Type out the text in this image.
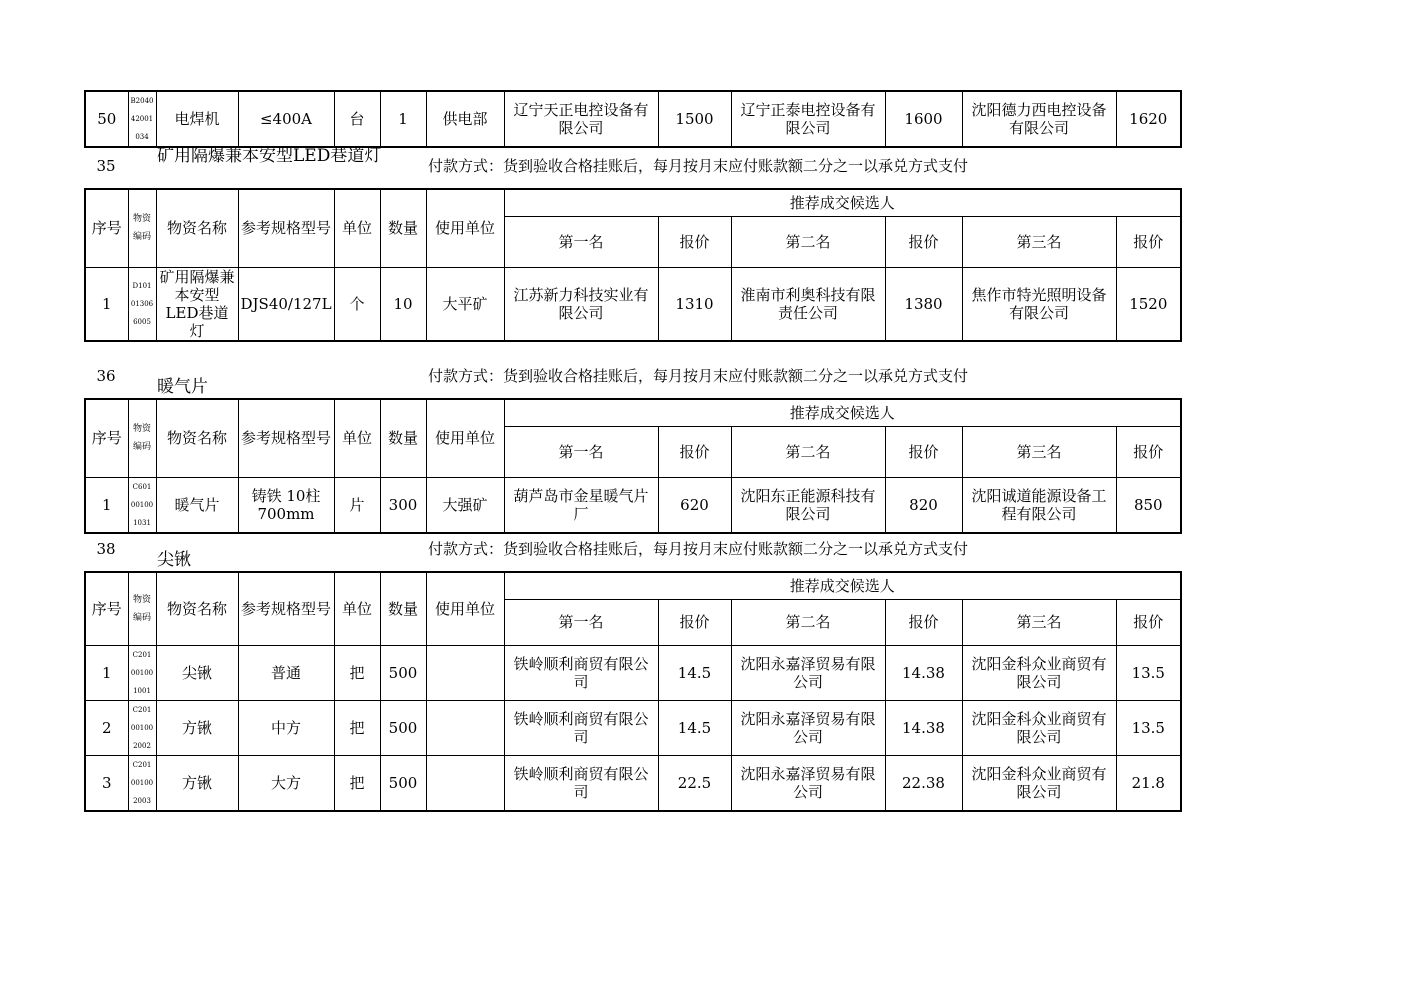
50	B204042001034	电焊机	≤400A	台	1	供电部	辽宁天正电控设备有限公司	1500	辽宁正泰电控设备有限公司	1600	沈阳德力西电控设备有限公司	1620
35	矿用隔爆兼本安型LED巷道灯	付款方式：货到验收合格挂账后，每月按月末应付账款额二分之一以承兑方式支付
序号	物资编码	物资名称	参考规格型号	单位	数量	使用单位	推荐成交候选人					
							第一名	报价	第二名	报价	第三名	报价
1	D101013066005	矿用隔爆兼本安型LED巷道灯	DJS40/127L	个	10	大平矿	江苏新力科技实业有限公司	1310	淮南市利奥科技有限责任公司	1380	焦作市特光照明设备有限公司	1520
36
暖气片
付款方式：货到验收合格挂账后，每月按月末应付账款额二分之一以承兑方式支付
序号	物资编码	物资名称	参考规格型号	单位	数量	使用单位	推荐成交候选人					
							第一名	报价	第二名	报价	第三名	报价
1	C601001001031	暖气片	铸铁 10柱 700mm	片	300	大强矿	葫芦岛市金星暖气片厂	620	沈阳东正能源科技有限公司	820	沈阳诚道能源设备工程有限公司	850
38
尖锹
付款方式：货到验收合格挂账后，每月按月末应付账款额二分之一以承兑方式支付
序号	物资编码	物资名称	参考规格型号	单位	数量	使用单位	推荐成交候选人					
							第一名	报价	第二名	报价	第三名	报价
1	C201001001001	尖锹	普通	把	500		铁岭顺利商贸有限公司	14.5	沈阳永嘉泽贸易有限公司	14.38	沈阳金科众业商贸有限公司	13.5
2	C201001002002	方锹	中方	把	500		铁岭顺利商贸有限公司	14.5	沈阳永嘉泽贸易有限公司	14.38	沈阳金科众业商贸有限公司	13.5
3	C201001002003	方锹	大方	把	500		铁岭顺利商贸有限公司	22.5	沈阳永嘉泽贸易有限公司	22.38	沈阳金科众业商贸有限公司	21.8
